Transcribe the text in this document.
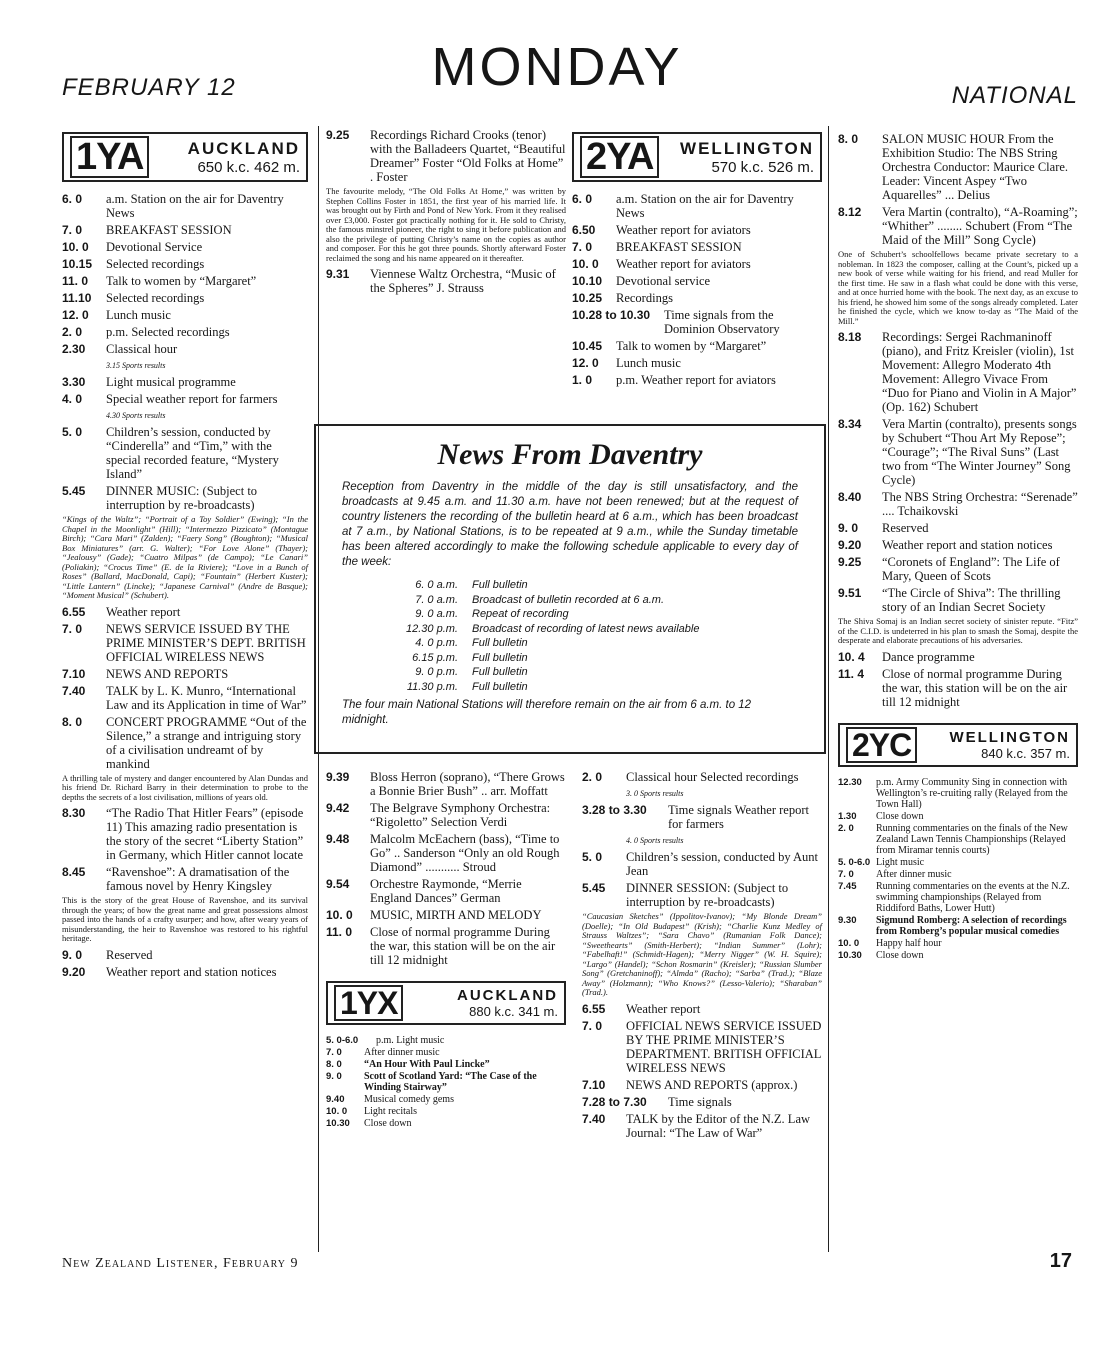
FEBRUARY 12	MONDAY	NATIONAL
1YA	AUCKLAND
650 k.c. 462 m.
6. 0	a.m. Station on the air for Daventry News
7. 0	BREAKFAST SESSION
10. 0	Devotional Service
10.15	Selected recordings
11. 0	Talk to women by “Margaret”
11.10	Selected recordings
12. 0	Lunch music
2. 0	p.m. Selected recordings
2.30	Classical hour
3.15 Sports results
3.30	Light musical programme
4. 0	Special weather report for farmers
4.30 Sports results
5. 0	Children’s session, conducted by “Cinderella” and “Tim,” with the special recorded feature, “Mystery Island”
5.45	DINNER MUSIC: (Subject to interruption by re-broadcasts)
“Kings of the Waltz”; “Portrait of a Toy Soldier” (Ewing); “In the Chapel in the Moonlight” (Hill); “Intermezzo Pizzicato” (Montague Birch); “Cara Mari” (Zalden); “Faery Song” (Boughton); “Musical Box Miniatures” (arr. G. Walter); “For Love Alone” (Thayer); “Jealousy” (Gade); “Cuatro Milpas” (de Campo); “Le Canari” (Poliakin); “Crocus Time” (E. de la Riviere); “Love in a Bunch of Roses” (Ballard, MacDonald, Capi); “Fountain” (Herbert Kuster); “Little Lantern” (Lincke); “Japanese Carnival” (Andre de Basque); “Moment Musical” (Schubert).
6.55	Weather report
7. 0	NEWS SERVICE ISSUED BY THE PRIME MINISTER’S DEPT. BRITISH OFFICIAL WIRELESS NEWS
7.10	NEWS AND REPORTS
7.40	TALK by L. K. Munro, “International Law and its Application in time of War”
8. 0	CONCERT PROGRAMME “Out of the Silence,” a strange and intriguing story of a civilisation undreamt of by mankind
A thrilling tale of mystery and danger encountered by Alan Dundas and his friend Dr. Richard Barry in their determination to probe to the depths the secrets of a lost civilisation, millions of years old.
8.30	“The Radio That Hitler Fears” (episode 11) This amazing radio presentation is the story of the secret “Liberty Station” in Germany, which Hitler cannot locate
8.45	“Ravenshoe”: A dramatisation of the famous novel by Henry Kingsley
This is the story of the great House of Ravenshoe, and its survival through the years; of how the great name and great possessions almost passed into the hands of a crafty usurper; and how, after weary years of misunderstanding, the heir to Ravenshoe was restored to his rightful heritage.
9. 0	Reserved
9.20	Weather report and station notices
9.25	Recordings Richard Crooks (tenor) with the Balladeers Quartet, “Beautiful Dreamer” Foster “Old Folks at Home” . Foster
The favourite melody, “The Old Folks At Home,” was written by Stephen Collins Foster in 1851, the first year of his married life. It was brought out by Firth and Pond of New York. From it they realised over £3,000. Foster got practically nothing for it. He sold to Christy, the famous minstrel pioneer, the right to sing it before publication and also the privilege of putting Christy’s name on the copies as author and composer. For this he got three pounds. Shortly afterward Foster reclaimed the song and his name appeared on it thereafter.
9.31	Viennese Waltz Orchestra, “Music of the Spheres” J. Strauss
2YA	WELLINGTON
570 k.c. 526 m.
6. 0	a.m. Station on the air for Daventry News
6.50	Weather report for aviators
7. 0	BREAKFAST SESSION
10. 0	Weather report for aviators
10.10	Devotional service
10.25	Recordings
10.28 to 10.30	Time signals from the Dominion Observatory
10.45	Talk to women by “Margaret”
12. 0	Lunch music
1. 0	p.m. Weather report for aviators
News From Daventry
Reception from Daventry in the middle of the day is still unsatisfactory, and the broadcasts at 9.45 a.m. and 11.30 a.m. have not been renewed; but at the request of country listeners the recording of the bulletin heard at 6 a.m., which has been broadcast at 7 a.m., by National Stations, is to be repeated at 9 a.m., while the Sunday timetable has been altered accordingly to make the following schedule applicable to every day of the week:
6. 0 a.m.	Full bulletin
7. 0 a.m.	Broadcast of bulletin recorded at 6 a.m.
9. 0 a.m.	Repeat of recording
12.30 p.m.	Broadcast of recording of latest news available
4. 0 p.m.	Full bulletin
6.15 p.m.	Full bulletin
9. 0 p.m.	Full bulletin
11.30 p.m.	Full bulletin
The four main National Stations will therefore remain on the air from 6 a.m. to 12 midnight.
9.39	Bloss Herron (soprano), “There Grows a Bonnie Brier Bush” .. arr. Moffatt
9.42	The Belgrave Symphony Orchestra: “Rigoletto” Selection Verdi
9.48	Malcolm McEachern (bass), “Time to Go” .. Sanderson “Only an old Rough Diamond” ........... Stroud
9.54	Orchestre Raymonde, “Merrie England Dances” German
10. 0	MUSIC, MIRTH AND MELODY
11. 0	Close of normal programme During the war, this station will be on the air till 12 midnight
1YX	AUCKLAND
880 k.c. 341 m.
5. 0-6.0	p.m. Light music
7. 0	After dinner music
8. 0	“An Hour With Paul Lincke”
9. 0	Scott of Scotland Yard: “The Case of the Winding Stairway”
9.40	Musical comedy gems
10. 0	Light recitals
10.30	Close down
2. 0	Classical hour Selected recordings
3. 0 Sports results
3.28 to 3.30	Time signals Weather report for farmers
4. 0 Sports results
5. 0	Children’s session, conducted by Aunt Jean
5.45	DINNER SESSION: (Subject to interruption by re-broadcasts)
“Caucasian Sketches” (Ippolitov-Ivanov); “My Blonde Dream” (Doelle); “In Old Budapest” (Krish); “Charlie Kunz Medley of Strauss Waltzes”; “Sara Chavo” (Rumanian Folk Dance); “Sweethearts” (Smith-Herbert); “Indian Summer” (Lohr); “Fabelhaft!” (Schmidt-Hagen); “Merry Nigger” (W. H. Squire); “Largo” (Handel); “Schon Rosmarin” (Kreisler); “Russian Slumber Song” (Gretchaninoff); “Almda” (Racho); “Sarba” (Trad.); “Blaze Away” (Holzmann); “Who Knows?” (Lesso-Valerio); “Sharaban” (Trad.).
6.55	Weather report
7. 0	OFFICIAL NEWS SERVICE ISSUED BY THE PRIME MINISTER’S DEPARTMENT. BRITISH OFFICIAL WIRELESS NEWS
7.10	NEWS AND REPORTS (approx.)
7.28 to 7.30	Time signals
7.40	TALK by the Editor of the N.Z. Law Journal: “The Law of War”
8. 0	SALON MUSIC HOUR From the Exhibition Studio: The NBS String Orchestra Conductor: Maurice Clare. Leader: Vincent Aspey “Two Aquarelles” ... Delius
8.12	Vera Martin (contralto), “A-Roaming”; “Whither” ........ Schubert (From “The Maid of the Mill” Song Cycle)
One of Schubert’s schoolfellows became private secretary to a nobleman. In 1823 the composer, calling at the Count’s, picked up a new book of verse while waiting for his friend, and read Muller for the first time. He saw in a flash what could be done with this verse, and at once hurried home with the book. The next day, as an excuse to his friend, he showed him some of the songs already completed. Later he finished the cycle, which we know to-day as “The Maid of the Mill.”
8.18	Recordings: Sergei Rachmaninoff (piano), and Fritz Kreisler (violin), 1st Movement: Allegro Moderato 4th Movement: Allegro Vivace From “Duo for Piano and Violin in A Major” (Op. 162) Schubert
8.34	Vera Martin (contralto), presents songs by Schubert “Thou Art My Repose”; “Courage”; “The Rival Suns” (Last two from “The Winter Journey” Song Cycle)
8.40	The NBS String Orchestra: “Serenade” .... Tchaikovski
9. 0	Reserved
9.20	Weather report and station notices
9.25	“Coronets of England”: The Life of Mary, Queen of Scots
9.51	“The Circle of Shiva”: The thrilling story of an Indian Secret Society
The Shiva Somaj is an Indian secret society of sinister repute. “Fitz” of the C.I.D. is undeterred in his plan to smash the Somaj, despite the desperate and elaborate precautions of his adversaries.
10. 4	Dance programme
11. 4	Close of normal programme During the war, this station will be on the air till 12 midnight
2YC	WELLINGTON
840 k.c. 357 m.
12.30	p.m. Army Community Sing in connection with Wellington’s re-cruiting rally (Relayed from the Town Hall)
1.30	Close down
2. 0	Running commentaries on the finals of the New Zealand Lawn Tennis Championships (Relayed from Miramar tennis courts)
5. 0-6.0 Light music
7. 0	After dinner music
7.45	Running commentaries on the events at the N.Z. swimming championships (Relayed from Riddiford Baths, Lower Hutt)
9.30	Sigmund Romberg: A selection of recordings from Romberg’s popular musical comedies
10. 0	Happy half hour
10.30	Close down
New Zealand Listener, February 9	17
